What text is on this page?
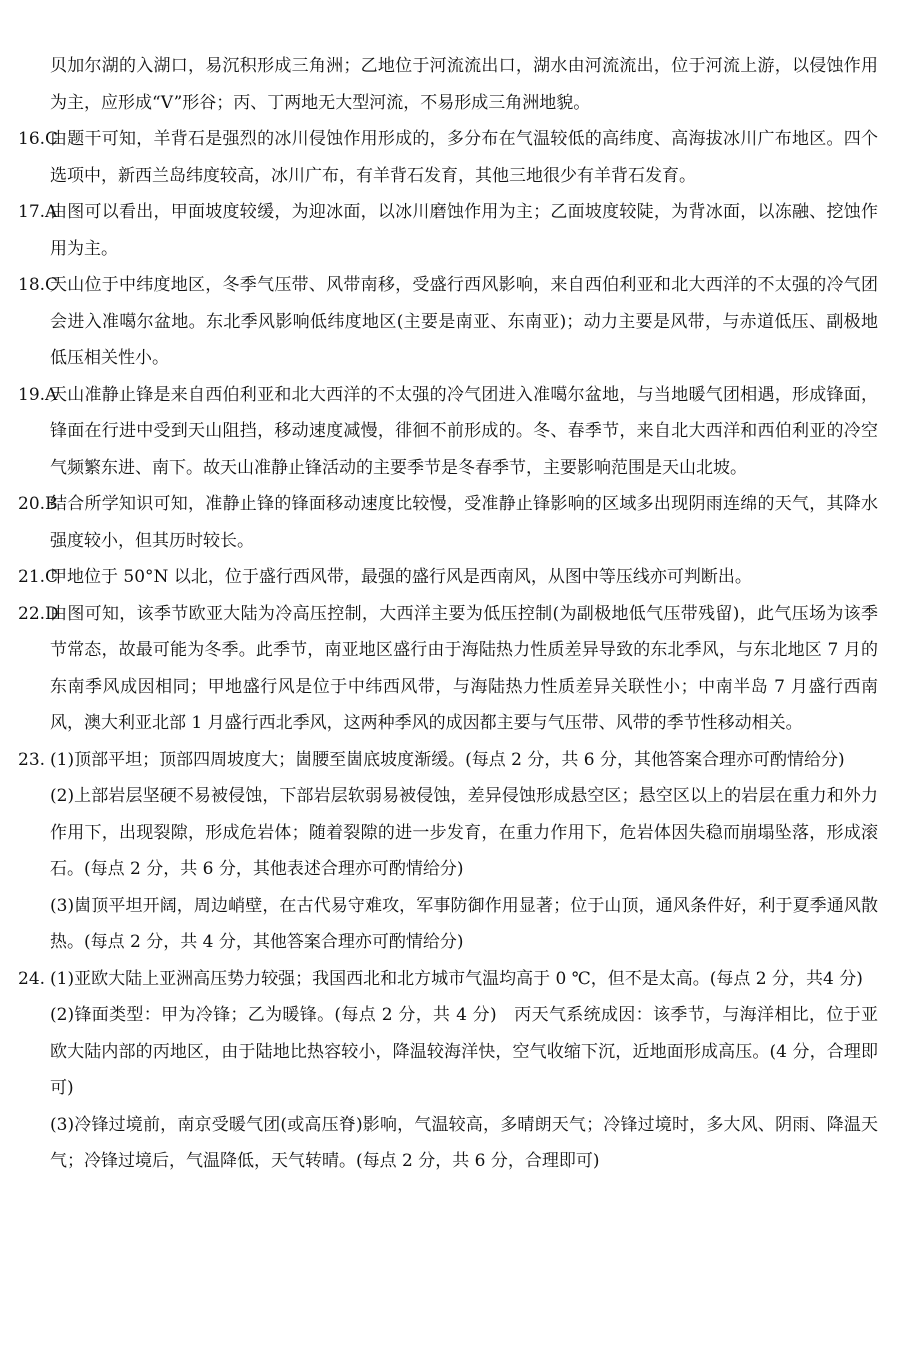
贝加尔湖的入湖口，易沉积形成三角洲；乙地位于河流流出口，湖水由河流流出，位于河流上游，以侵蚀作用为主，应形成“V”形谷；丙、丁两地无大型河流，不易形成三角洲地貌。

16.C
由题干可知，羊背石是强烈的冰川侵蚀作用形成的，多分布在气温较低的高纬度、高海拔冰川广布地区。四个选项中，新西兰岛纬度较高，冰川广布，有羊背石发育，其他三地很少有羊背石发育。
17.A
由图可以看出，甲面坡度较缓，为迎冰面，以冰川磨蚀作用为主；乙面坡度较陡，为背冰面，以冻融、挖蚀作用为主。
18.C
天山位于中纬度地区，冬季气压带、风带南移，受盛行西风影响，来自西伯利亚和北大西洋的不太强的冷气团会进入准噶尔盆地。东北季风影响低纬度地区(主要是南亚、东南亚)；动力主要是风带，与赤道低压、副极地低压相关性小。
19.A
天山准静止锋是来自西伯利亚和北大西洋的不太强的冷气团进入准噶尔盆地，与当地暖气团相遇，形成锋面，锋面在行进中受到天山阻挡，移动速度减慢，徘徊不前形成的。冬、春季节，来自北大西洋和西伯利亚的冷空气频繁东进、南下。故天山准静止锋活动的主要季节是冬春季节，主要影响范围是天山北坡。
20.B
结合所学知识可知，准静止锋的锋面移动速度比较慢，受准静止锋影响的区域多出现阴雨连绵的天气，其降水强度较小，但其历时较长。
21.C
甲地位于 50°N 以北，位于盛行西风带，最强的盛行风是西南风，从图中等压线亦可判断出。
22.D
由图可知，该季节欧亚大陆为冷高压控制，大西洋主要为低压控制(为副极地低气压带残留)，此气压场为该季节常态，故最可能为冬季。此季节，南亚地区盛行由于海陆热力性质差异导致的东北季风，与东北地区 7 月的东南季风成因相同；甲地盛行风是位于中纬西风带，与海陆热力性质差异关联性小；中南半岛 7 月盛行西南风，澳大利亚北部 1 月盛行西北季风，这两种季风的成因都主要与气压带、风带的季节性移动相关。
23. (1)顶部平坦；顶部四周坡度大；崮腰至崮底坡度渐缓。(每点 2 分，共 6 分，其他答案合理亦可酌情给分)

(2)上部岩层坚硬不易被侵蚀，下部岩层软弱易被侵蚀，差异侵蚀形成悬空区；悬空区以上的岩层在重力和外力作用下，出现裂隙，形成危岩体；随着裂隙的进一步发育，在重力作用下，危岩体因失稳而崩塌坠落，形成滚石。(每点 2 分，共 6 分，其他表述合理亦可酌情给分)

(3)崮顶平坦开阔，周边峭壁，在古代易守难攻，军事防御作用显著；位于山顶，通风条件好，利于夏季通风散热。(每点 2 分，共 4 分，其他答案合理亦可酌情给分)

24. (1)亚欧大陆上亚洲高压势力较强；我国西北和北方城市气温均高于 0 ℃，但不是太高。(每点 2 分，共4 分)

(2)锋面类型：甲为冷锋；乙为暖锋。(每点 2 分，共 4 分)　丙天气系统成因：该季节，与海洋相比，位于亚欧大陆内部的丙地区，由于陆地比热容较小，降温较海洋快，空气收缩下沉，近地面形成高压。(4 分，合理即可)

(3)冷锋过境前，南京受暖气团(或高压脊)影响，气温较高，多晴朗天气；冷锋过境时，多大风、阴雨、降温天气；冷锋过境后，气温降低，天气转晴。(每点 2 分，共 6 分，合理即可)
